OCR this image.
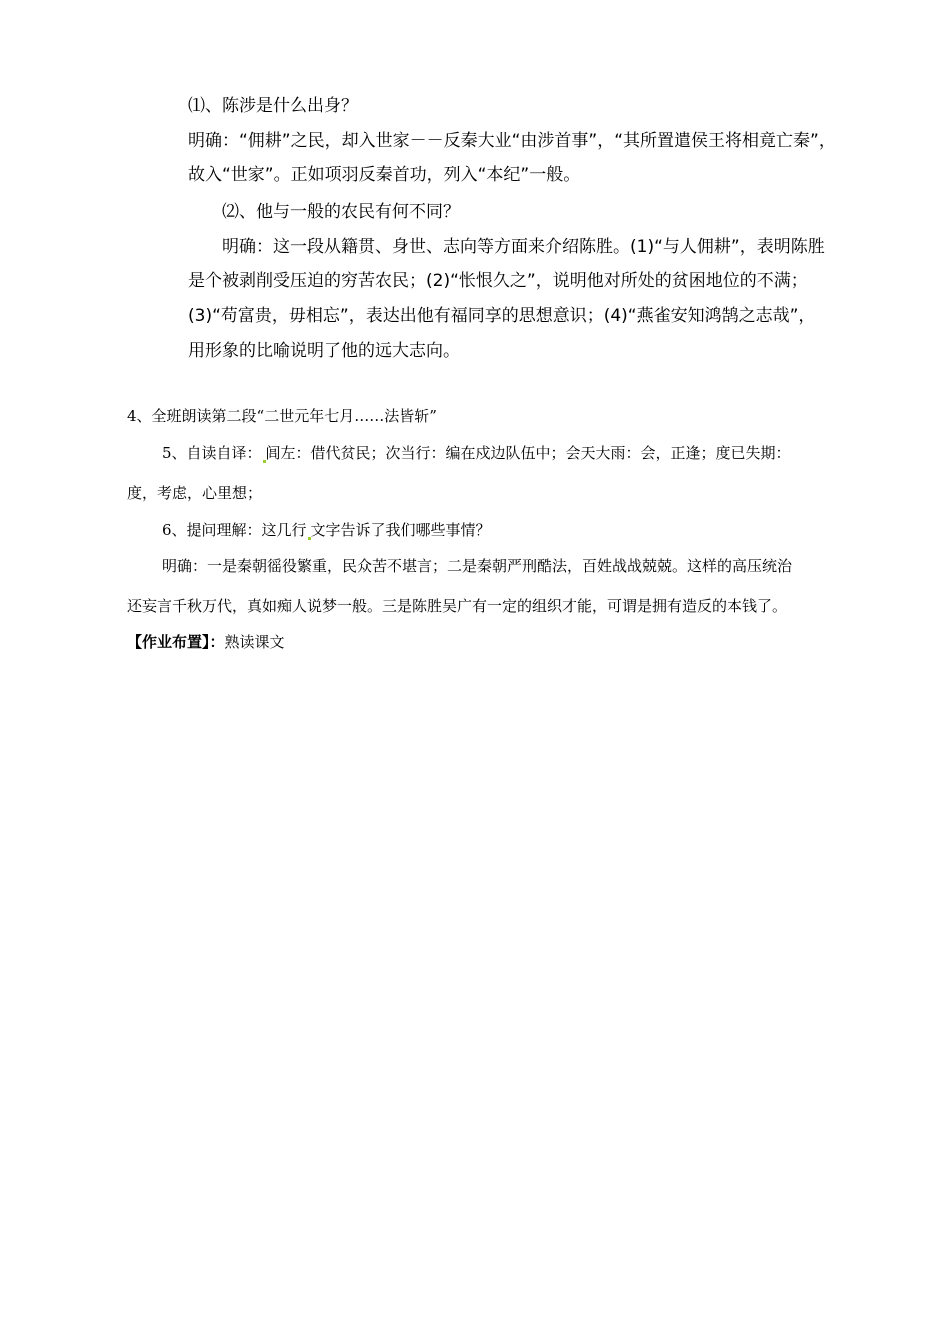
⑴、陈涉是什么出身？

明确：“佣耕”之民，却入世家－－反秦大业“由涉首事”，“其所置遣侯王将相竟亡秦”，

故入“世家”。正如项羽反秦首功，列入“本纪”一般。

⑵、他与一般的农民有何不同？

明确：这一段从籍贯、身世、志向等方面来介绍陈胜。(1)“与人佣耕”，表明陈胜

是个被剥削受压迫的穷苦农民；(2)“怅恨久之”，说明他对所处的贫困地位的不满；

(3)“苟富贵，毋相忘”，表达出他有福同享的思想意识；(4)“燕雀安知鸿鹄之志哉”，

用形象的比喻说明了他的远大志向。

4、全班朗读第二段“二世元年七月……法皆斩”

5、自读自译： 闾左：借代贫民；次当行：编在戍边队伍中；会天大雨：会，正逢；度已失期：

度，考虑，心里想；

6、提问理解：这几行 文字告诉了我们哪些事情？

明确：一是秦朝徭役繁重，民众苦不堪言；二是秦朝严刑酷法，百姓战战兢兢。这样的高压统治

还妄言千秋万代，真如痴人说梦一般。三是陈胜吴广有一定的组织才能，可谓是拥有造反的本钱了。

【作业布置】：熟读课文
